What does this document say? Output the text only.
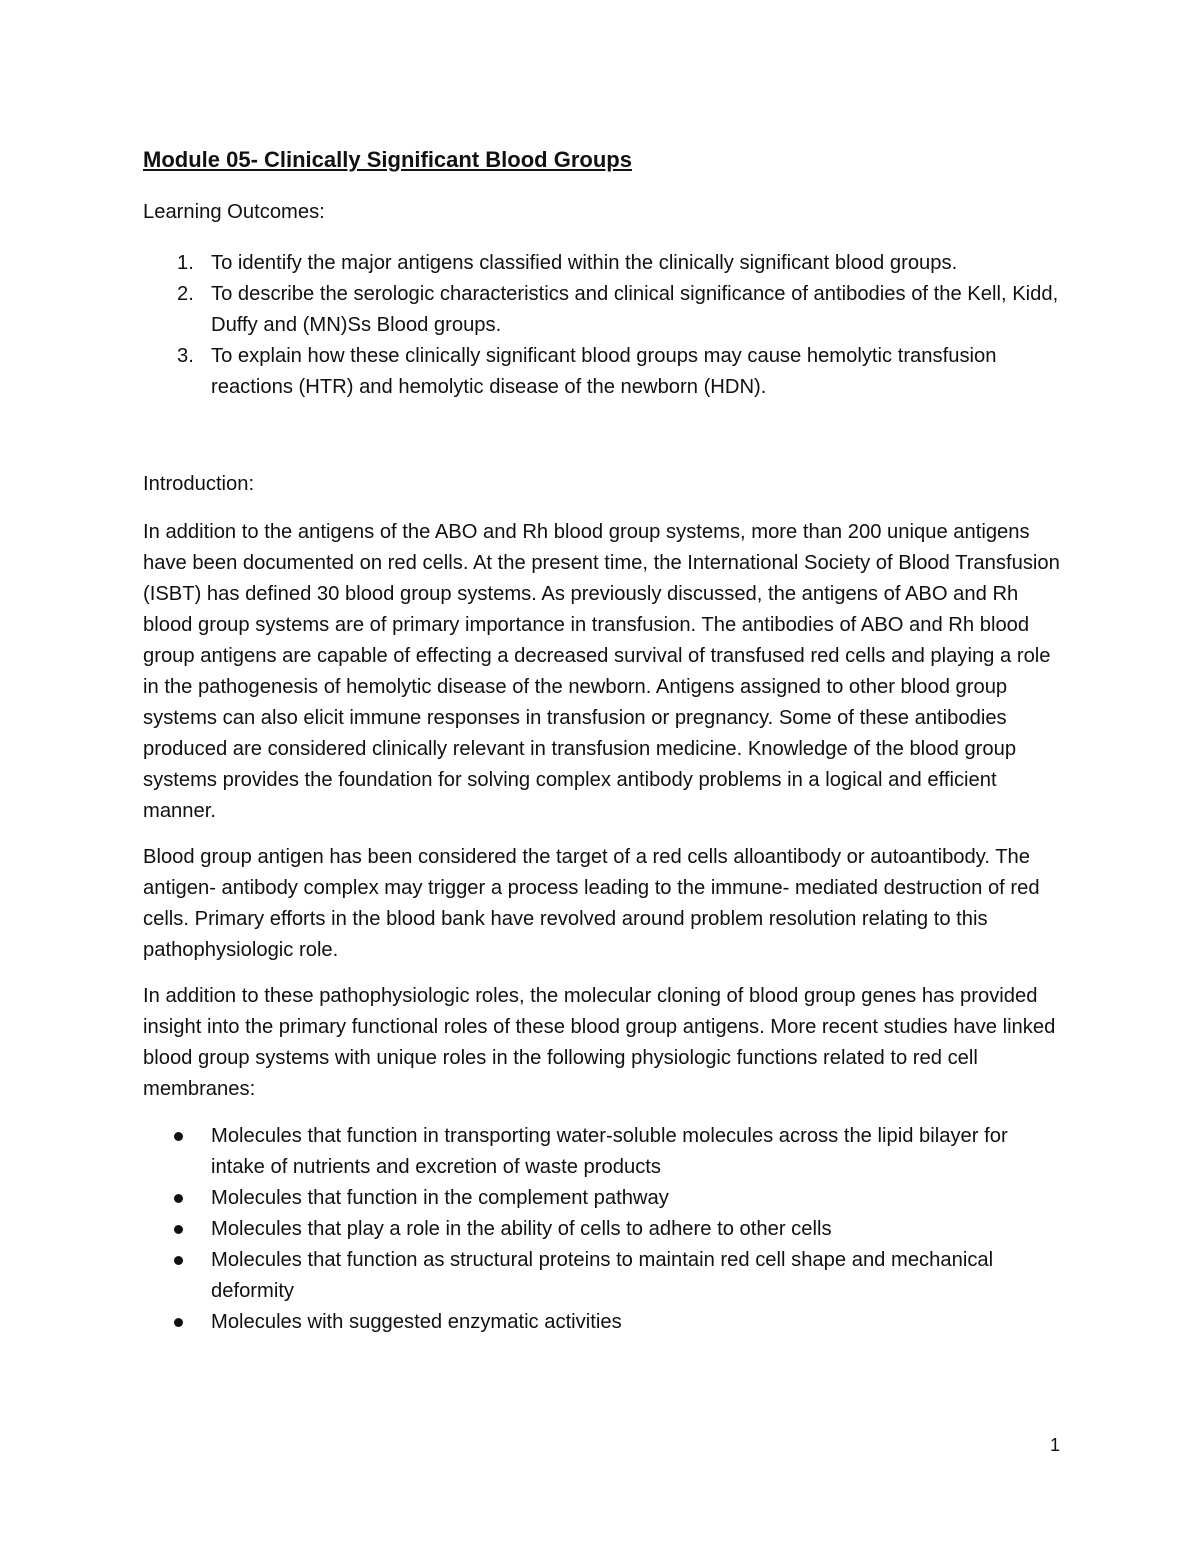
Module 05- Clinically Significant Blood Groups
Learning Outcomes:
1. To identify the major antigens classified within the clinically significant blood groups.
2. To describe the serologic characteristics and clinical significance of antibodies of the Kell, Kidd, Duffy and (MN)Ss Blood groups.
3. To explain how these clinically significant blood groups may cause hemolytic transfusion reactions (HTR) and hemolytic disease of the newborn (HDN).
Introduction:

In addition to the antigens of the ABO and Rh blood group systems, more than 200 unique antigens have been documented on red cells. At the present time, the International Society of Blood Transfusion (ISBT) has defined 30 blood group systems. As previously discussed, the antigens of ABO and Rh blood group systems are of primary importance in transfusion. The antibodies of ABO and Rh blood group antigens are capable of effecting a decreased survival of transfused red cells and playing a role in the pathogenesis of hemolytic disease of the newborn. Antigens assigned to other blood group systems can also elicit immune responses in transfusion or pregnancy. Some of these antibodies produced are considered clinically relevant in transfusion medicine. Knowledge of the blood group systems provides the foundation for solving complex antibody problems in a logical and efficient manner.

Blood group antigen has been considered the target of a red cells alloantibody or autoantibody. The antigen- antibody complex may trigger a process leading to the immune- mediated destruction of red cells. Primary efforts in the blood bank have revolved around problem resolution relating to this pathophysiologic role.

In addition to these pathophysiologic roles, the molecular cloning of blood group genes has provided insight into the primary functional roles of these blood group antigens. More recent studies have linked blood group systems with unique roles in the following physiologic functions related to red cell membranes:

Molecules that function in transporting water-soluble molecules across the lipid bilayer for intake of nutrients and excretion of waste products
Molecules that function in the complement pathway
Molecules that play a role in the ability of cells to adhere to other cells
Molecules that function as structural proteins to maintain red cell shape and mechanical deformity
Molecules with suggested enzymatic activities
1
